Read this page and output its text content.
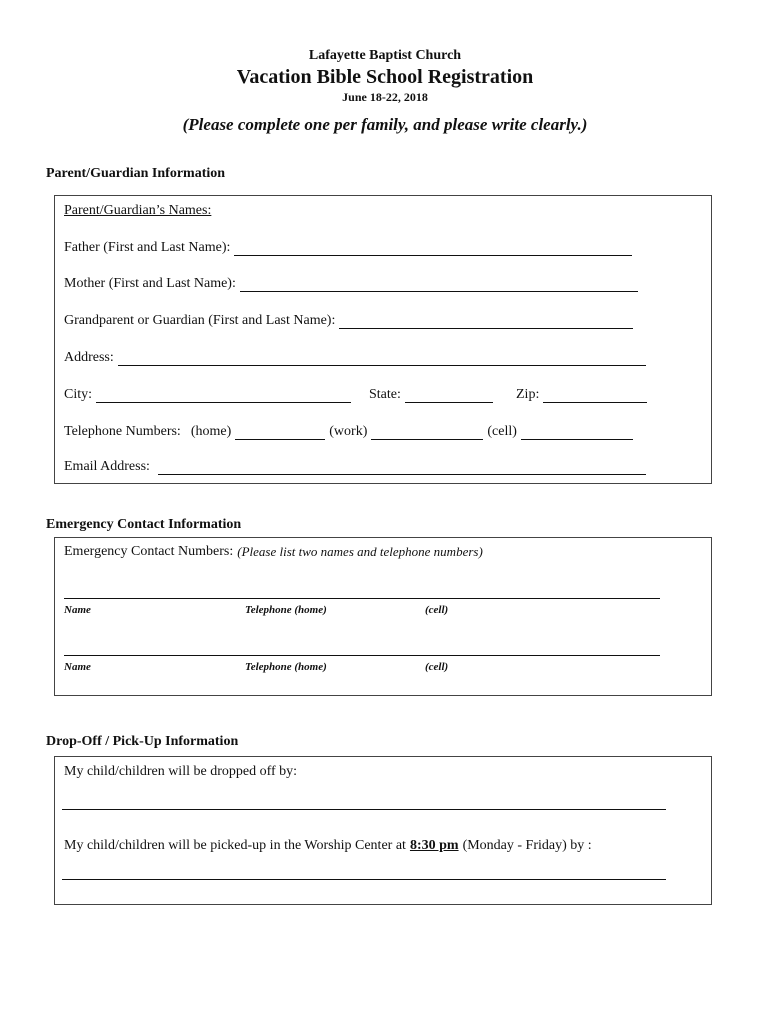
Lafayette Baptist Church
Vacation Bible School Registration
June 18-22, 2018
(Please complete one per family, and please write clearly.)
Parent/Guardian Information
Parent/Guardian’s Names:
Father (First and Last Name):
Mother (First and Last Name):
Grandparent or Guardian (First and Last Name):
Address:
City:	State:	Zip:
Telephone Numbers: (home)	(work)	(cell)
Email Address:
Emergency Contact Information
Emergency Contact Numbers: (Please list two names and telephone numbers)
Name	Telephone (home)	(cell)
Name	Telephone (home)	(cell)
Drop-Off / Pick-Up Information
My child/children will be dropped off by:
My child/children will be picked-up in the Worship Center at 8:30 pm (Monday - Friday) by :
